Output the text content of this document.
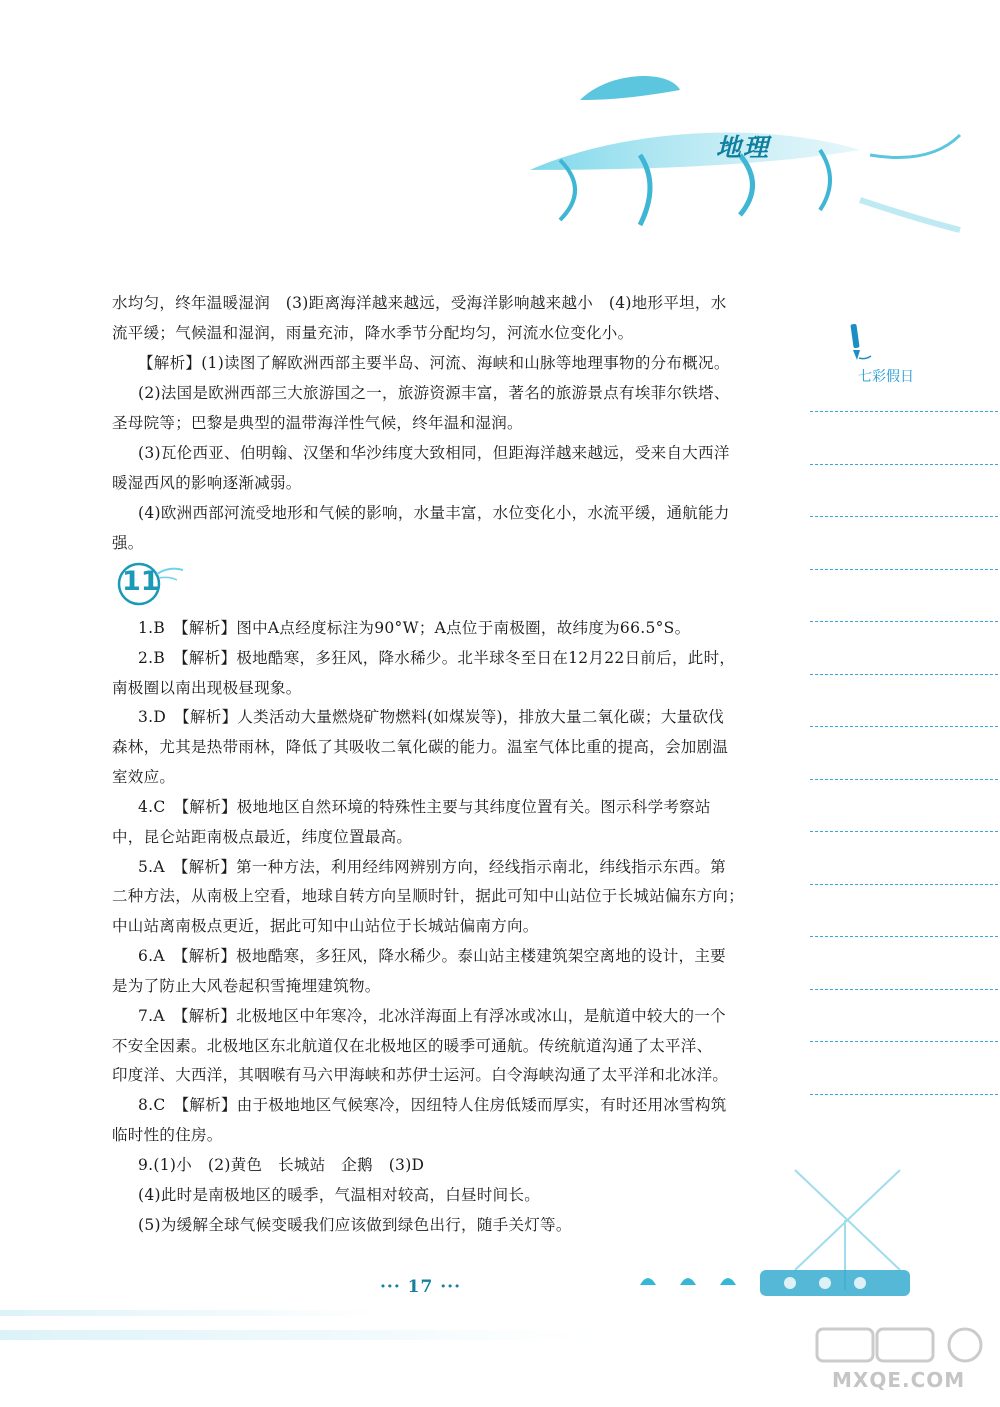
地理
水均匀，终年温暖湿润　(3)距离海洋越来越远，受海洋影响越来越小　(4)地形平坦，水
流平缓；气候温和湿润，雨量充沛，降水季节分配均匀，河流水位变化小。
【解析】(1)读图了解欧洲西部主要半岛、河流、海峡和山脉等地理事物的分布概况。
(2)法国是欧洲西部三大旅游国之一，旅游资源丰富，著名的旅游景点有埃菲尔铁塔、
圣母院等；巴黎是典型的温带海洋性气候，终年温和湿润。
(3)瓦伦西亚、伯明翰、汉堡和华沙纬度大致相同，但距海洋越来越远，受来自大西洋
暖湿西风的影响逐渐减弱。
(4)欧洲西部河流受地形和气候的影响，水量丰富，水位变化小，水流平缓，通航能力
强。
1.B　【解析】图中A点经度标注为90°W；A点位于南极圈，故纬度为66.5°S。
2.B　【解析】极地酷寒，多狂风，降水稀少。北半球冬至日在12月22日前后，此时，
南极圈以南出现极昼现象。
3.D　【解析】人类活动大量燃烧矿物燃料(如煤炭等)，排放大量二氧化碳；大量砍伐
森林，尤其是热带雨林，降低了其吸收二氧化碳的能力。温室气体比重的提高，会加剧温
室效应。
4.C　【解析】极地地区自然环境的特殊性主要与其纬度位置有关。图示科学考察站
中，昆仑站距南极点最近，纬度位置最高。
5.A　【解析】第一种方法，利用经纬网辨别方向，经线指示南北，纬线指示东西。第
二种方法，从南极上空看，地球自转方向呈顺时针，据此可知中山站位于长城站偏东方向；
中山站离南极点更近，据此可知中山站位于长城站偏南方向。
6.A　【解析】极地酷寒，多狂风，降水稀少。泰山站主楼建筑架空离地的设计，主要
是为了防止大风卷起积雪掩埋建筑物。
7.A　【解析】北极地区中年寒冷，北冰洋海面上有浮冰或冰山，是航道中较大的一个
不安全因素。北极地区东北航道仅在北极地区的暖季可通航。传统航道沟通了太平洋、
印度洋、大西洋，其咽喉有马六甲海峡和苏伊士运河。白令海峡沟通了太平洋和北冰洋。
8.C　【解析】由于极地地区气候寒冷，因纽特人住房低矮而厚实，有时还用冰雪构筑
临时性的住房。
9.(1)小　(2)黄色　长城站　企鹅　(3)D
(4)此时是南极地区的暖季，气温相对较高，白昼时间长。
(5)为缓解全球气候变暖我们应该做到绿色出行，随手关灯等。
11
七彩假日
··· 17 ···
MXQE.COM
